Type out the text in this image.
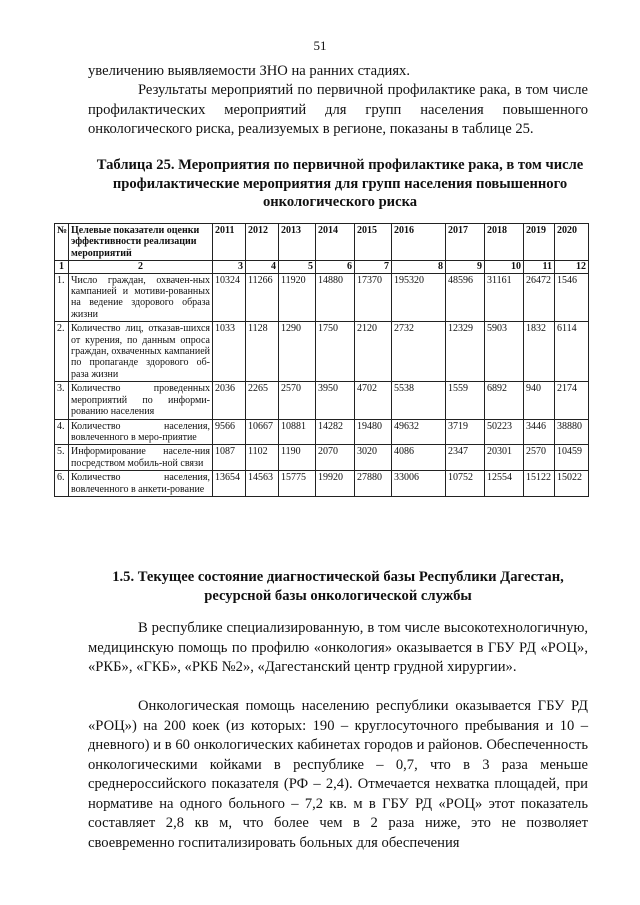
51

увеличению выявляемости ЗНО на ранних стадиях.

Результаты мероприятий по первичной профилактике рака, в том числе профилактических мероприятий для групп населения повышенного онкологического риска, реализуемых в регионе, показаны в таблице 25.

Таблица 25. Мероприятия по первичной профилактике рака, в том числе профилактические мероприятия для групп населения повышенного онкологического риска
№	Целевые показатели оценки эффективности реализации мероприятий	2011	2012	2013	2014	2015	2016	2017	2018	2019	2020
1	2	3	4	5	6	7	8	9	10	11	12
1.	Число граждан, охвачен-ных кампанией и мотиви-рованных на ведение здорового образа жизни	10324	11266	11920	14880	17370	195320	48596	31161	26472	1546
2.	Количество лиц, отказав-шихся от курения, по данным опроса граждан, охваченных кампанией по пропаганде здорового об-раза жизни	1033	1128	1290	1750	2120	2732	12329	5903	1832	6114
3.	Количество проведенных мероприятий по информи-рованию населения	2036	2265	2570	3950	4702	5538	1559	6892	940	2174
4.	Количество населения, вовлеченного в меро-приятие	9566	10667	10881	14282	19480	49632	3719	50223	3446	38880
5.	Информирование населе-ния посредством мобиль-ной связи	1087	1102	1190	2070	3020	4086	2347	20301	2570	10459
6.	Количество населения, вовлеченного в анкети-рование	13654	14563	15775	19920	27880	33006	10752	12554	15122	15022
1.5. Текущее состояние диагностической базы Республики Дагестан, ресурсной базы онкологической службы

В республике специализированную, в том числе высокотехнологичную, медицинскую помощь по профилю «онкология» оказывается в ГБУ РД «РОЦ», «РКБ», «ГКБ», «РКБ №2», «Дагестанский центр грудной хирургии».

Онкологическая помощь населению республики оказывается ГБУ РД «РОЦ») на 200 коек (из которых: 190 – круглосуточного пребывания и 10 – дневного) и в 60 онкологических кабинетах городов и районов. Обеспеченность онкологическими койками в республике – 0,7, что в 3 раза меньше среднероссийского показателя (РФ – 2,4). Отмечается нехватка площадей, при нормативе на одного больного – 7,2 кв. м в ГБУ РД «РОЦ» этот показатель составляет 2,8 кв м, что более чем в 2 раза ниже, это не позволяет своевременно госпитализировать больных для обеспечения
